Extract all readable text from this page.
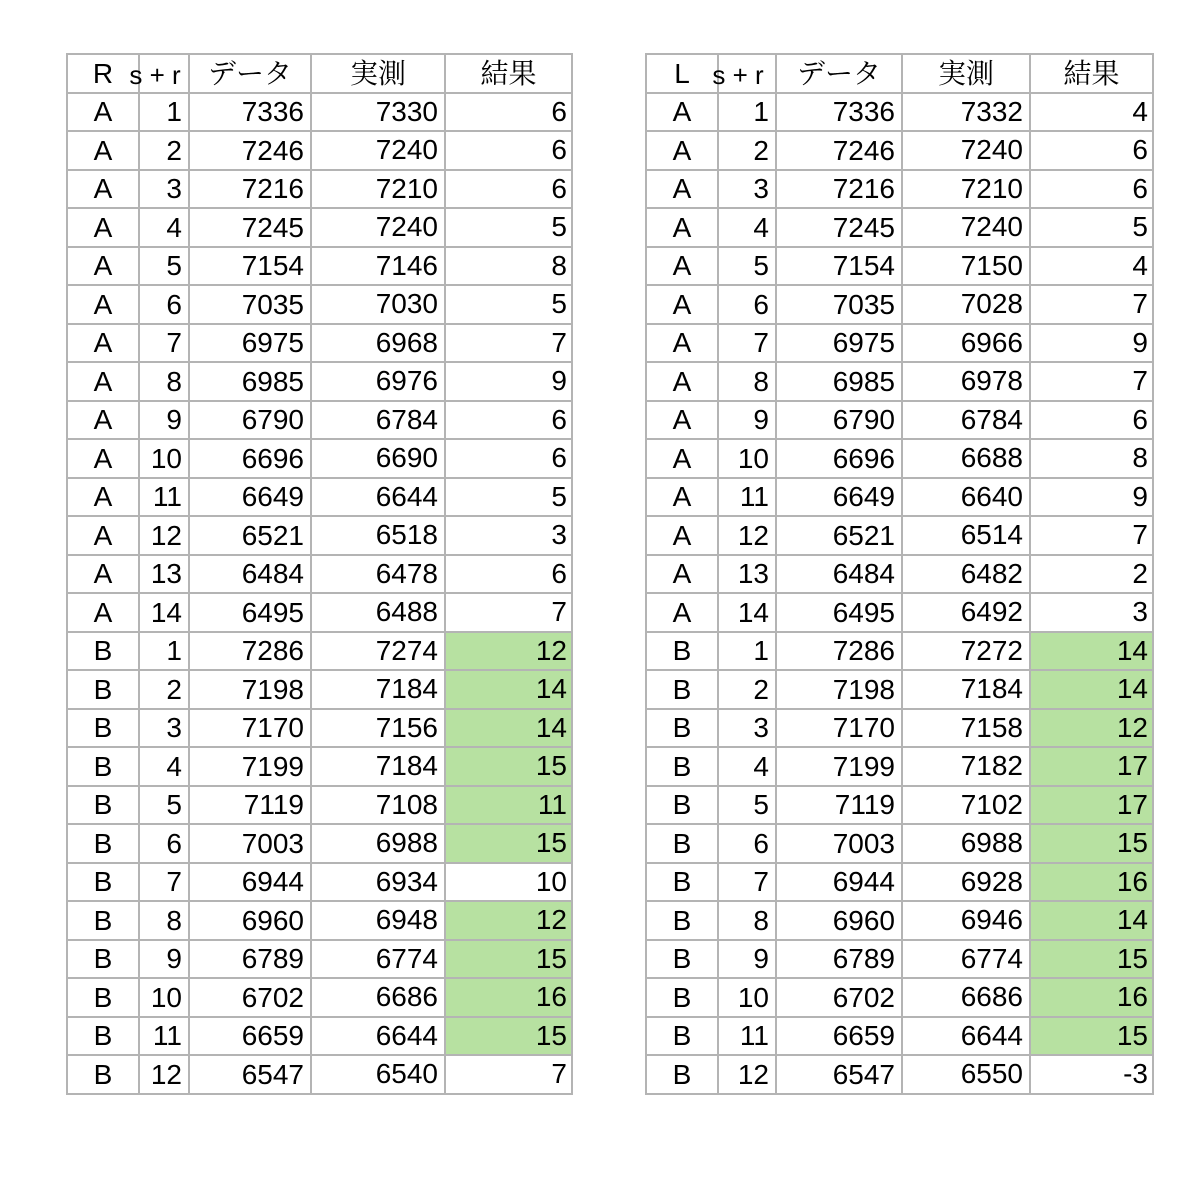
R	s + r	データ	実測	結果
A	1	7336	7330	6
A	2	7246	7240	6
A	3	7216	7210	6
A	4	7245	7240	5
A	5	7154	7146	8
A	6	7035	7030	5
A	7	6975	6968	7
A	8	6985	6976	9
A	9	6790	6784	6
A	10	6696	6690	6
A	11	6649	6644	5
A	12	6521	6518	3
A	13	6484	6478	6
A	14	6495	6488	7
B	1	7286	7274	12
B	2	7198	7184	14
B	3	7170	7156	14
B	4	7199	7184	15
B	5	7119	7108	11
B	6	7003	6988	15
B	7	6944	6934	10
B	8	6960	6948	12
B	9	6789	6774	15
B	10	6702	6686	16
B	11	6659	6644	15
B	12	6547	6540	7
L	s + r	データ	実測	結果
A	1	7336	7332	4
A	2	7246	7240	6
A	3	7216	7210	6
A	4	7245	7240	5
A	5	7154	7150	4
A	6	7035	7028	7
A	7	6975	6966	9
A	8	6985	6978	7
A	9	6790	6784	6
A	10	6696	6688	8
A	11	6649	6640	9
A	12	6521	6514	7
A	13	6484	6482	2
A	14	6495	6492	3
B	1	7286	7272	14
B	2	7198	7184	14
B	3	7170	7158	12
B	4	7199	7182	17
B	5	7119	7102	17
B	6	7003	6988	15
B	7	6944	6928	16
B	8	6960	6946	14
B	9	6789	6774	15
B	10	6702	6686	16
B	11	6659	6644	15
B	12	6547	6550	-3
